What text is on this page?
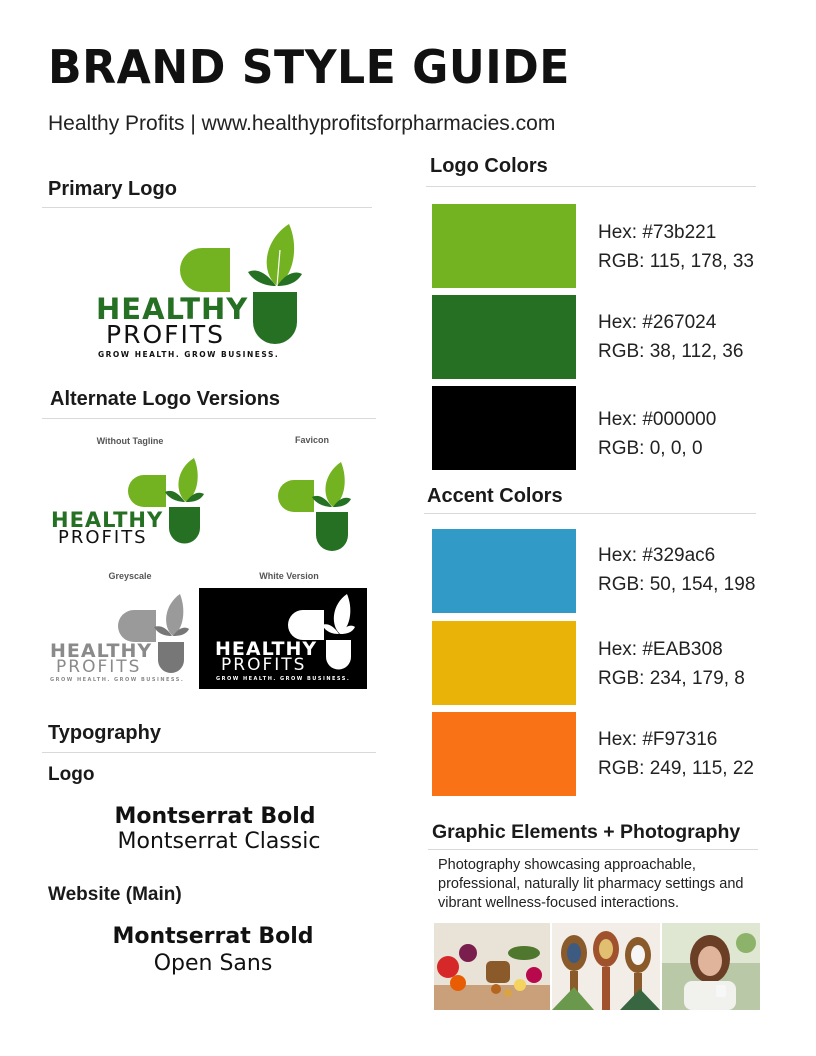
BRAND STYLE GUIDE
Healthy Profits | www.healthyprofitsforpharmacies.com
Primary Logo
HEALTHY
PROFITS
GROW HEALTH. GROW BUSINESS.
Alternate Logo Versions
Without Tagline	Favicon
HEALTHY
PROFITS
Greyscale	White Version
HEALTHY
PROFITS
GROW HEALTH. GROW BUSINESS.
HEALTHY
PROFITS
GROW HEALTH. GROW BUSINESS.
Typography
Logo
Montserrat Bold
Montserrat Classic
Website (Main)
Montserrat Bold
Open Sans
Logo Colors
Hex: #73b221
RGB: 115, 178, 33
Hex: #267024
RGB: 38, 112, 36
Hex: #000000
RGB: 0, 0, 0
Accent Colors
Hex: #329ac6
RGB: 50, 154, 198
Hex: #EAB308
RGB: 234, 179, 8
Hex: #F97316
RGB: 249, 115, 22
Graphic Elements + Photography
Photography showcasing approachable, professional, naturally lit pharmacy settings and vibrant wellness-focused interactions.
